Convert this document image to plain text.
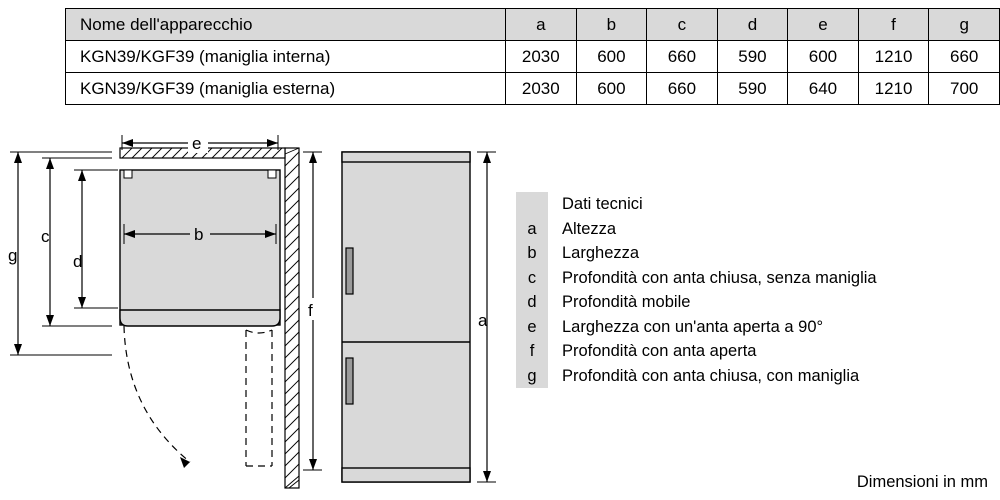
Nome dell'apparecchio	a	b	c	d	e	f	g
KGN39/KGF39 (maniglia interna)	2030	600	660	590	600	1210	660
KGN39/KGF39 (maniglia esterna)	2030	600	660	590	640	1210	700
e
b
g
c
d
f
a
Dati tecnici
a	Altezza
b	Larghezza
c	Profondità con anta chiusa, senza maniglia
d	Profondità mobile
e	Larghezza con un'anta aperta a 90°
f	Profondità con anta aperta
g	Profondità con anta chiusa, con maniglia
Dimensioni in mm
